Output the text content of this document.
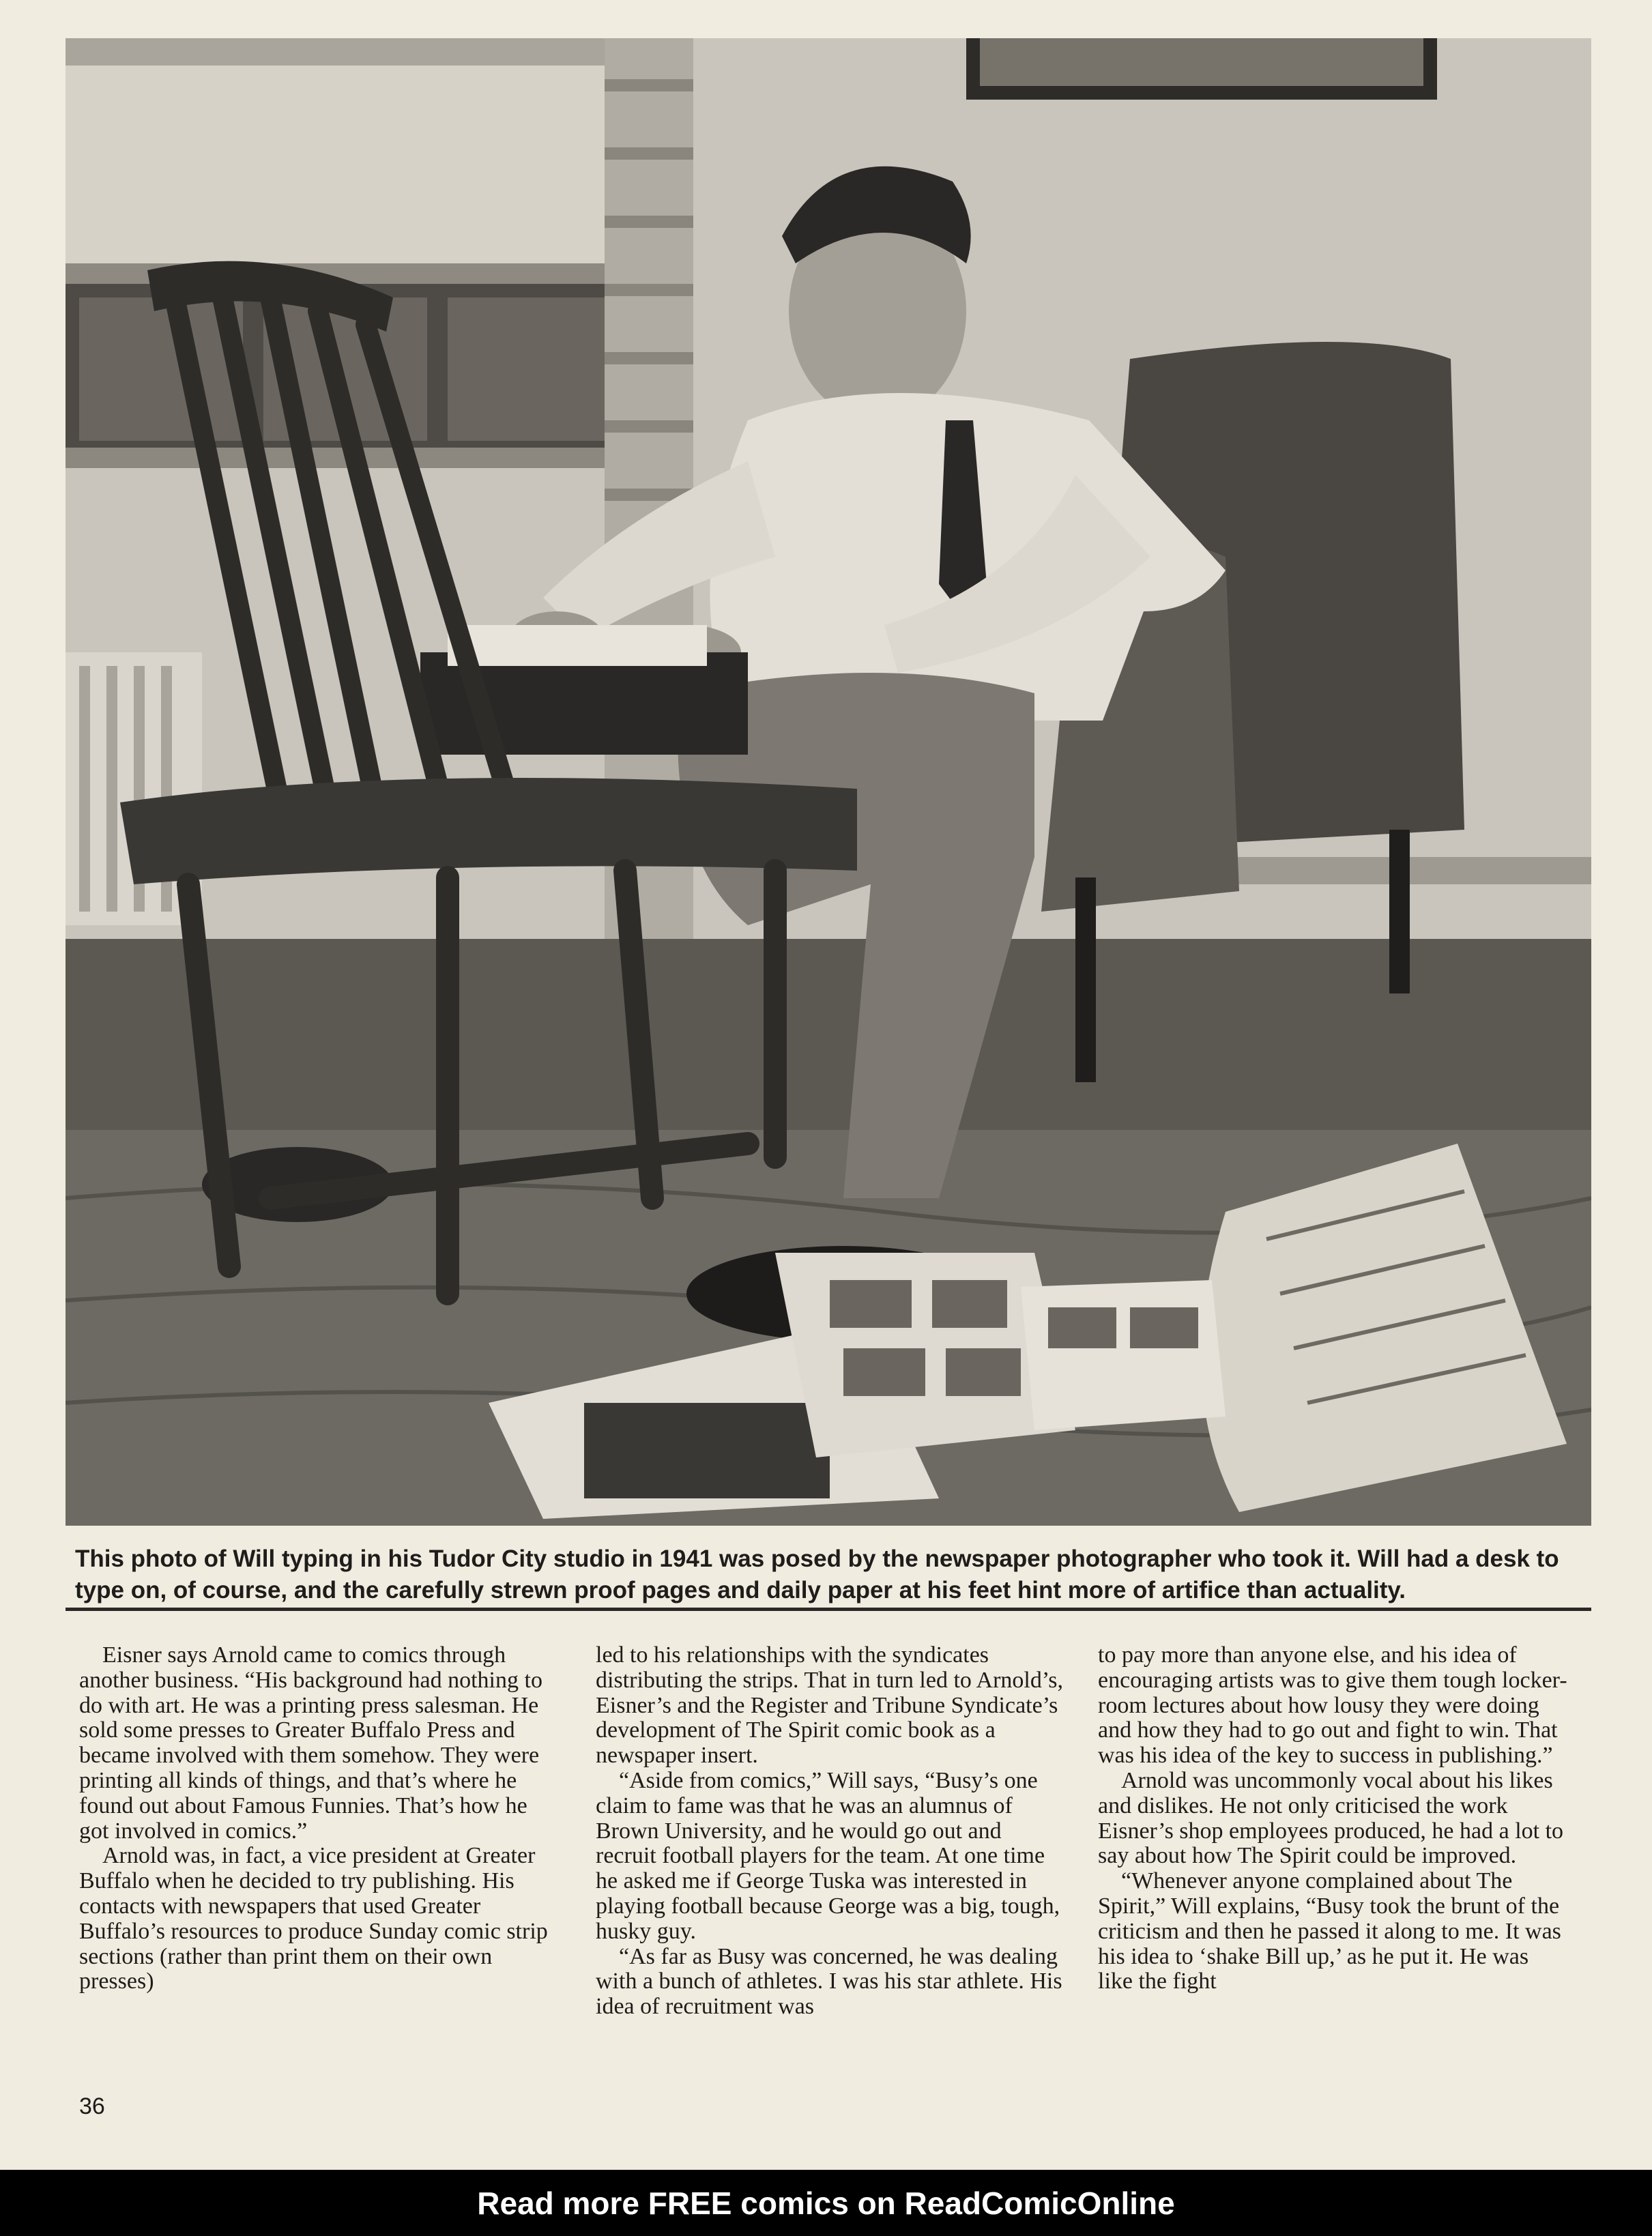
This photo of Will typing in his Tudor City studio in 1941 was posed by the newspaper photographer who took it. Will had a desk to type on, of course, and the carefully strewn proof pages and daily paper at his feet hint more of artifice than actuality.

Eisner says Arnold came to comics through another business. “His background had nothing to do with art. He was a printing press salesman. He sold some presses to Greater Buffalo Press and became involved with them somehow. They were printing all kinds of things, and that’s where he found out about Famous Funnies. That’s how he got involved in comics.”

Arnold was, in fact, a vice president at Greater Buffalo when he decided to try publishing. His contacts with newspapers that used Greater Buffalo’s resources to produce Sunday comic strip sections (rather than print them on their own presses)

led to his relationships with the syndicates distributing the strips. That in turn led to Arnold’s, Eisner’s and the Register and Tribune Syndicate’s development of The Spirit comic book as a newspaper insert.

“Aside from comics,” Will says, “Busy’s one claim to fame was that he was an alumnus of Brown University, and he would go out and recruit football players for the team. At one time he asked me if George Tuska was interested in playing football because George was a big, tough, husky guy.

“As far as Busy was concerned, he was dealing with a bunch of athletes. I was his star athlete. His idea of recruitment was

to pay more than anyone else, and his idea of encouraging artists was to give them tough locker-room lectures about how lousy they were doing and how they had to go out and fight to win. That was his idea of the key to success in publishing.”

Arnold was uncommonly vocal about his likes and dislikes. He not only criticised the work Eisner’s shop employees produced, he had a lot to say about how The Spirit could be improved.

“Whenever anyone complained about The Spirit,” Will explains, “Busy took the brunt of the criticism and then he passed it along to me. It was his idea to ‘shake Bill up,’ as he put it. He was like the fight

36
Read more FREE comics on ReadComicOnline
